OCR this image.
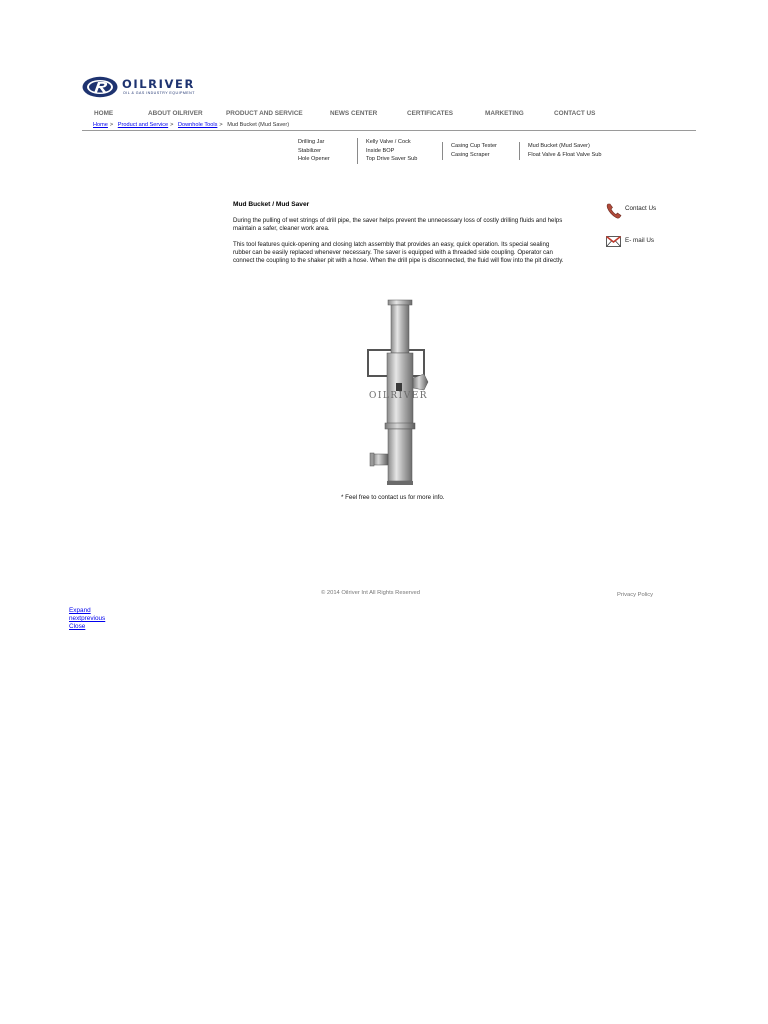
OILRIVER
OIL & GAS INDUSTRY EQUIPMENT
HOME	ABOUT OILRIVER	PRODUCT AND SERVICE	NEWS CENTER	CERTIFICATES	MARKETING	CONTACT US
Home > Product and Service > Downhole Tools > Mud Bucket (Mud Saver)
Drilling Jar
Stabilizer
Hole Opener
Kelly Valve / Cock
Inside BOP
Top Drive Saver Sub
Casing Cup Tester
Casing Scraper
Mud Bucket (Mud Saver)
Float Valve & Float Valve Sub
Mud Bucket / Mud Saver

During the pulling of wet strings of drill pipe, the saver helps prevent the unnecessary loss of costly drilling fluids and helps maintain a safer, cleaner work area.

This tool features quick-opening and closing latch assembly that provides an easy, quick operation. Its special sealing rubber can be easily replaced whenever necessary. The saver is equipped with a threaded side coupling. Operator can connect the coupling to the shaker pit with a hose. When the drill pipe is disconnected, the fluid will flow into the pit directly.

OILRIVER
* Feel free to contact us for more info.
Contact Us
E- mail Us
© 2014 Oilriver Int All Rights Reserved	Privacy Policy
Expand
nextprevious
Close
